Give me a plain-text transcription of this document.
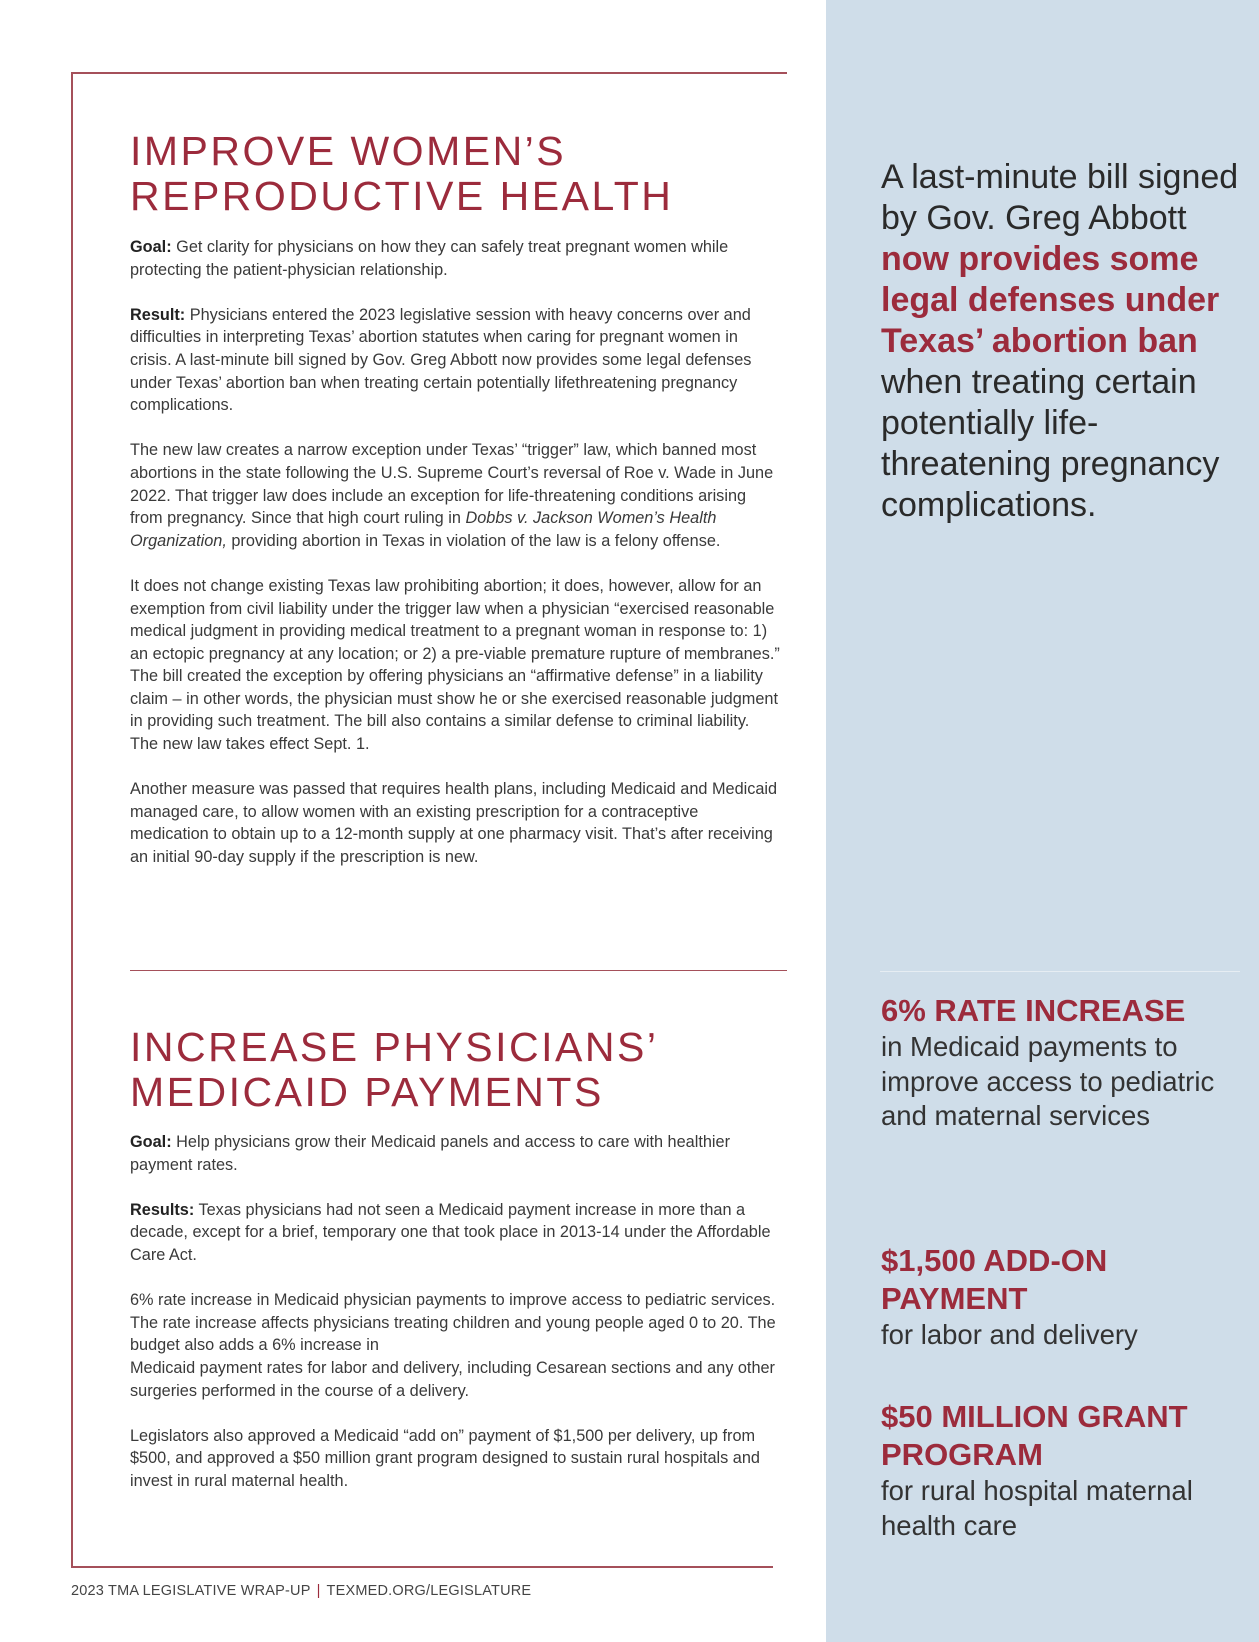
IMPROVE WOMEN’S
REPRODUCTIVE HEALTH

Goal: Get clarity for physicians on how they can safely treat pregnant women while protecting the patient-physician relationship.

Result: Physicians entered the 2023 legislative session with heavy concerns over and difficulties in interpreting Texas’ abortion statutes when caring for pregnant women in crisis. A last-minute bill signed by Gov. Greg Abbott now provides some legal defenses under Texas’ abortion ban when treating certain potentially lifethreatening pregnancy complications.

The new law creates a narrow exception under Texas’ “trigger” law, which banned most abortions in the state following the U.S. Supreme Court’s reversal of Roe v. Wade in June 2022. That trigger law does include an exception for life-threatening conditions arising from pregnancy. Since that high court ruling in Dobbs v. Jackson Women’s Health Organization, providing abortion in Texas in violation of the law is a felony offense.

It does not change existing Texas law prohibiting abortion; it does, however, allow for an exemption from civil liability under the trigger law when a physician “exercised reasonable medical judgment in providing medical treatment to a pregnant woman in response to: 1) an ectopic pregnancy at any location; or 2) a pre-viable premature rupture of membranes.” The bill created the exception by offering physicians an “affirmative defense” in a liability claim – in other words, the physician must show he or she exercised reasonable judgment in providing such treatment. The bill also contains a similar defense to criminal liability. The new law takes effect Sept. 1.

Another measure was passed that requires health plans, including Medicaid and Medicaid managed care, to allow women with an existing prescription for a contraceptive medication to obtain up to a 12-month supply at one pharmacy visit. That’s after receiving an initial 90-day supply if the prescription is new.

INCREASE PHYSICIANS’
MEDICAID PAYMENTS

Goal: Help physicians grow their Medicaid panels and access to care with healthier payment rates.

Results: Texas physicians had not seen a Medicaid payment increase in more than a decade, except for a brief, temporary one that took place in 2013-14 under the Affordable Care Act.

6% rate increase in Medicaid physician payments to improve access to pediatric services. The rate increase affects physicians treating children and young people aged 0 to 20. The budget also adds a 6% increase in
Medicaid payment rates for labor and delivery, including Cesarean sections and any other surgeries performed in the course of a delivery.

Legislators also approved a Medicaid “add on” payment of $1,500 per delivery, up from $500, and approved a $50 million grant program designed to sustain rural hospitals and invest in rural maternal health.

A last-minute bill signed by Gov. Greg Abbott now provides some legal defenses under Texas’ abortion ban when treating certain potentially life-threatening pregnancy complications.
6% RATE INCREASE
in Medicaid payments to improve access to pediatric and maternal services
$1,500 ADD-ON PAYMENT
for labor and delivery
$50 MILLION GRANT PROGRAM
for rural hospital maternal health care
2023 TMA LEGISLATIVE WRAP-UP | TEXMED.ORG/LEGISLATURE
